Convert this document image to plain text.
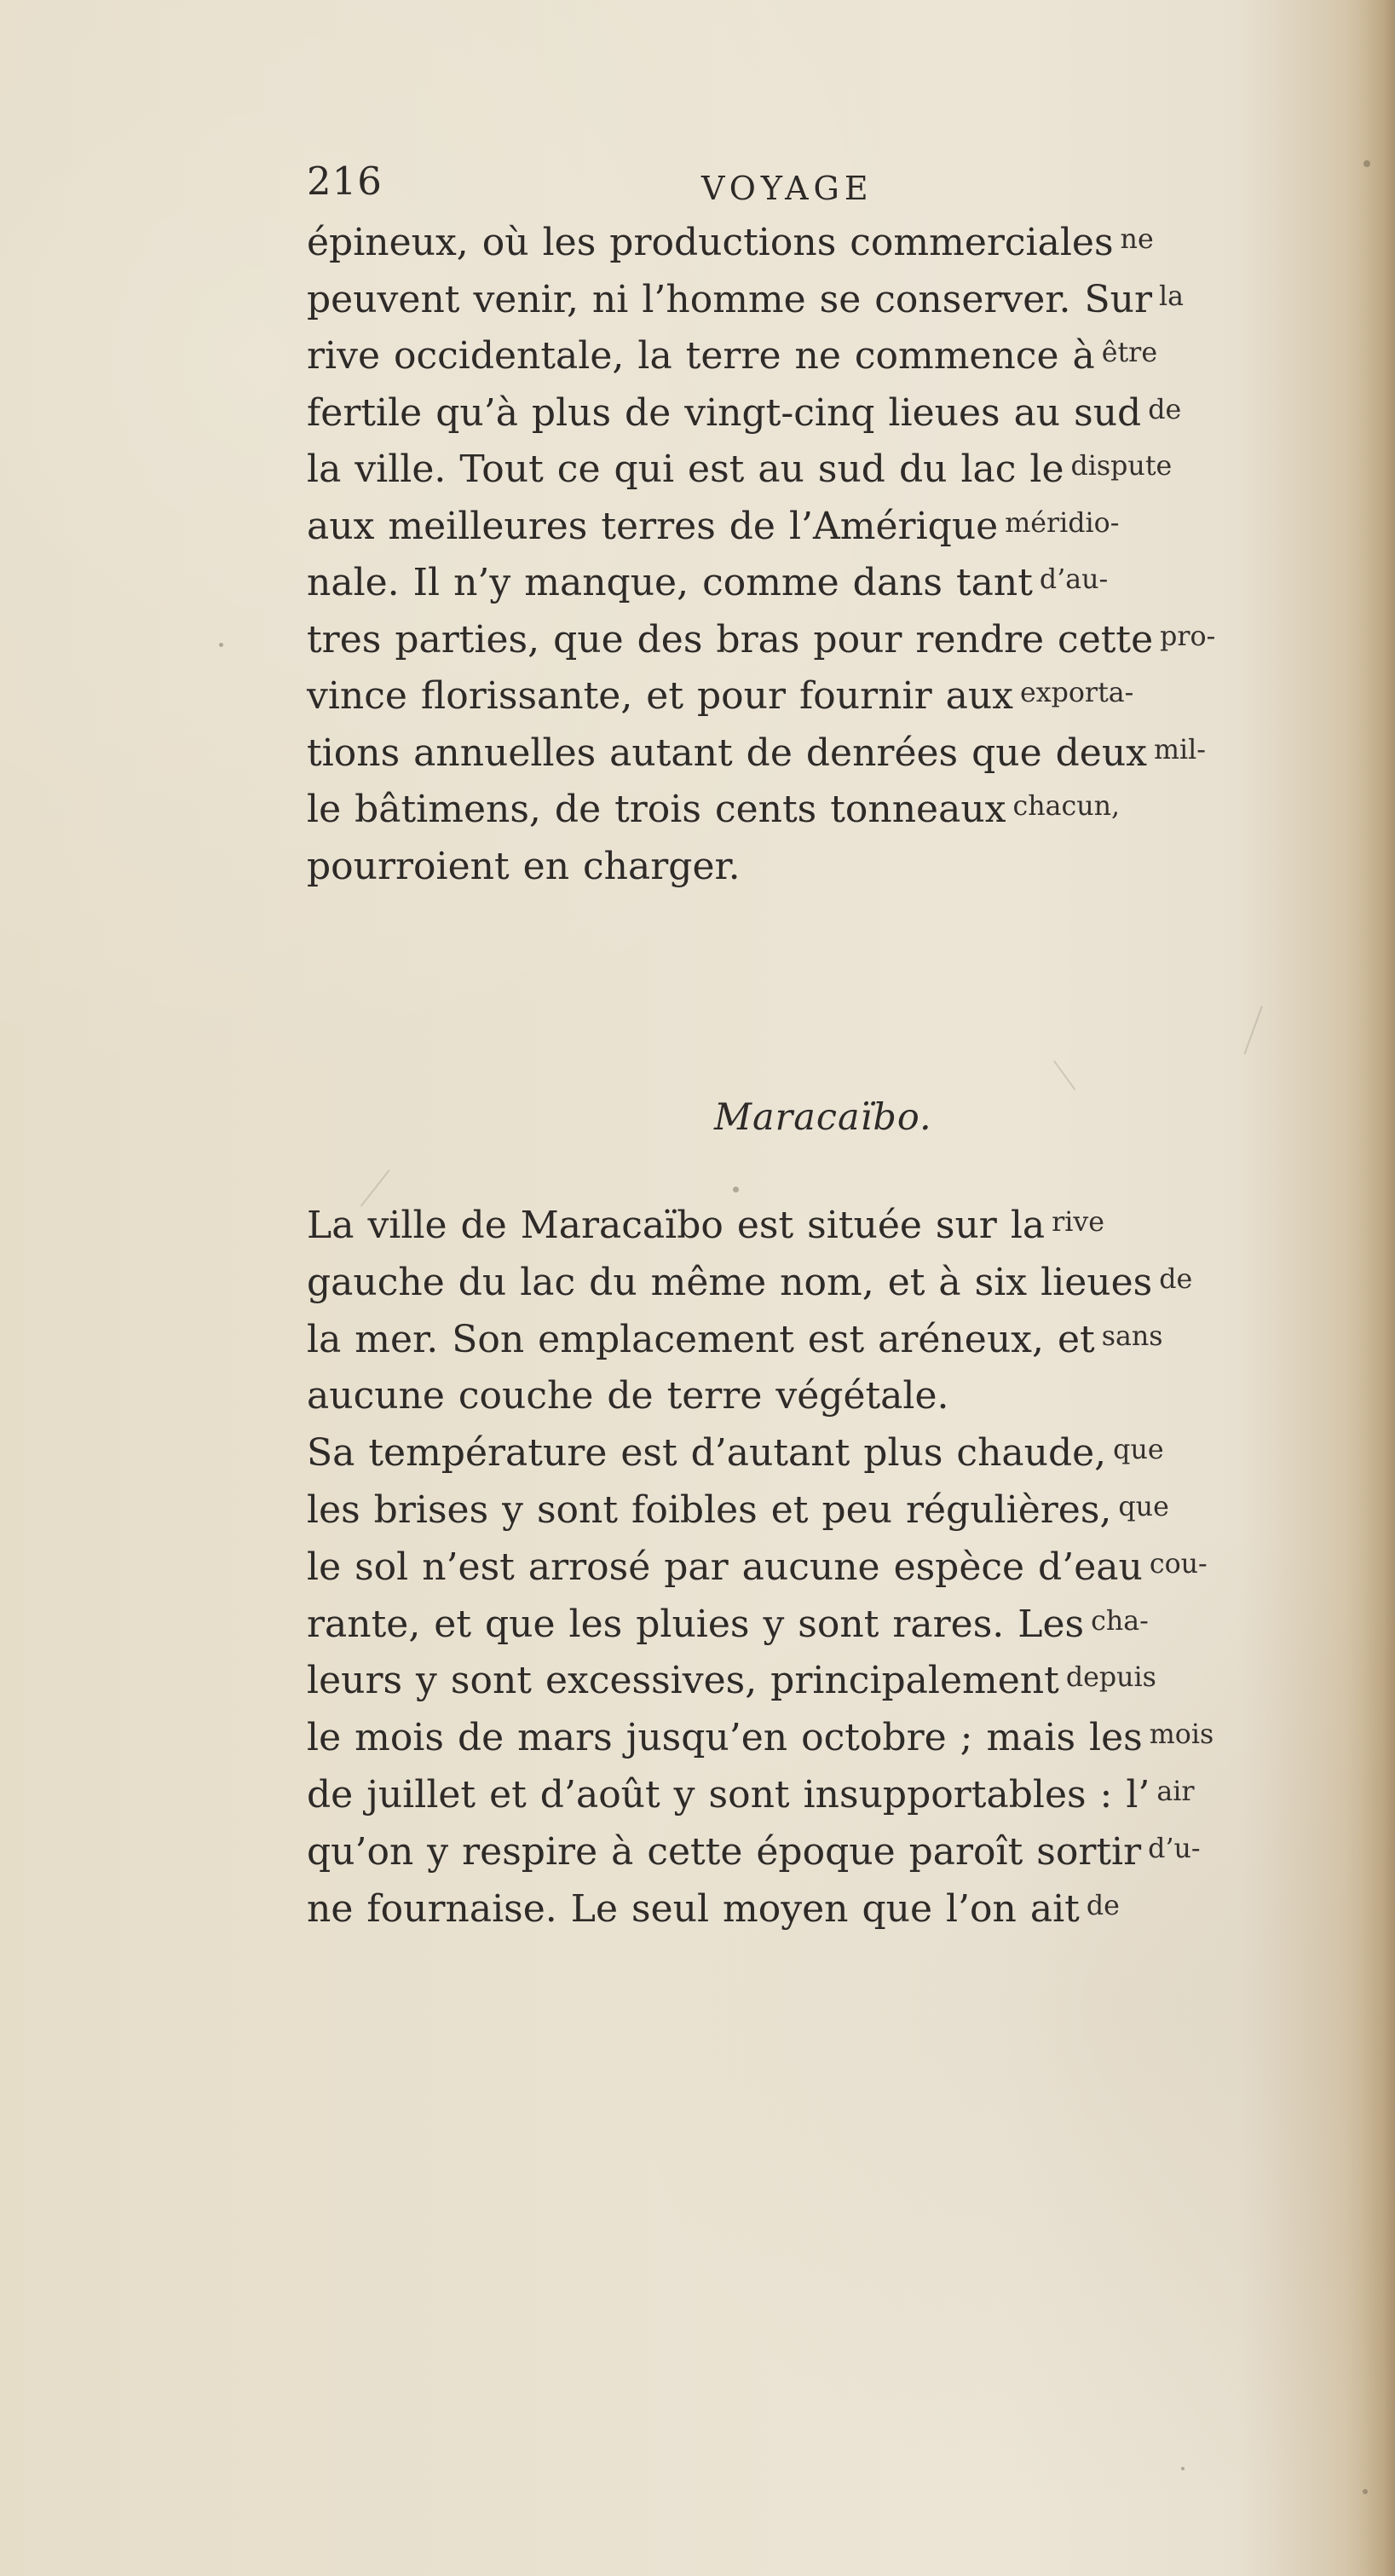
216	VOYAGE
épineux, où les productions commerciales ne
peuvent venir, ni l’homme se conserver. Sur la
rive occidentale, la terre ne commence à être
fertile qu’à plus de vingt-cinq lieues au sud de
la ville. Tout ce qui est au sud du lac le dispute
aux meilleures terres de l’Amérique méridio-
nale. Il n’y manque, comme dans tant d’au-
tres parties, que des bras pour rendre cette pro-
vince florissante, et pour fournir aux exporta-
tions annuelles autant de denrées que deux mil-
le bâtimens, de trois cents tonneaux chacun,
pourroient en charger.
Maracaïbo.
La ville de Maracaïbo est située sur la rive
gauche du lac du même nom, et à six lieues de
la mer. Son emplacement est aréneux, et sans
aucune couche de terre végétale.
Sa température est d’autant plus chaude, que
les brises y sont foibles et peu régulières, que
le sol n’est arrosé par aucune espèce d’eau cou-
rante, et que les pluies y sont rares. Les cha-
leurs y sont excessives, principalement depuis
le mois de mars jusqu’en octobre ; mais les mois
de juillet et d’août y sont insupportables : l’ air
qu’on y respire à cette époque paroît sortir d’u-
ne fournaise. Le seul moyen que l’on ait de
